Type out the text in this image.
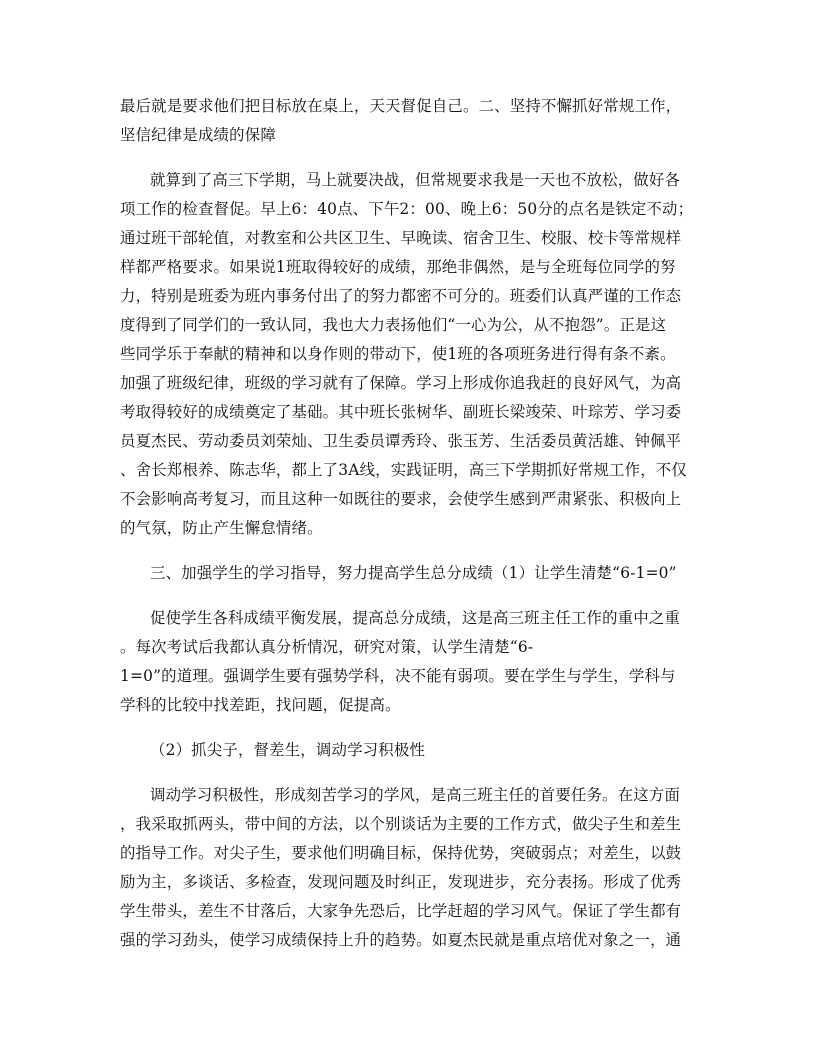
最后就是要求他们把目标放在桌上，天天督促自己。二、坚持不懈抓好常规工作，
坚信纪律是成绩的保障

就算到了高三下学期，马上就要决战，但常规要求我是一天也不放松，做好各
项工作的检查督促。早上6：40点、下午2：00、晚上6：50分的点名是铁定不动；
通过班干部轮值，对教室和公共区卫生、早晚读、宿舍卫生、校服、校卡等常规样
样都严格要求。如果说1班取得较好的成绩，那绝非偶然，是与全班每位同学的努
力，特别是班委为班内事务付出了的努力都密不可分的。班委们认真严谨的工作态
度得到了同学们的一致认同，我也大力表扬他们“一心为公，从不抱怨”。正是这
些同学乐于奉献的精神和以身作则的带动下，使1班的各项班务进行得有条不紊。
加强了班级纪律，班级的学习就有了保障。学习上形成你追我赶的良好风气，为高
考取得较好的成绩奠定了基础。其中班长张树华、副班长梁竣荣、叶琮芳、学习委
员夏杰民、劳动委员刘荣灿、卫生委员谭秀玲、张玉芳、生活委员黄活雄、钟佩平
、舍长郑根养、陈志华，都上了3A线，实践证明，高三下学期抓好常规工作，不仅
不会影响高考复习，而且这种一如既往的要求，会使学生感到严肃紧张、积极向上
的气氛，防止产生懈怠情绪。

三、加强学生的学习指导，努力提高学生总分成绩（1）让学生清楚“6-1=0”

促使学生各科成绩平衡发展，提高总分成绩，这是高三班主任工作的重中之重
。每次考试后我都认真分析情况，研究对策，认学生清楚“6-
1=0”的道理。强调学生要有强势学科，决不能有弱项。要在学生与学生，学科与
学科的比较中找差距，找问题，促提高。

（2）抓尖子，督差生，调动学习积极性

调动学习积极性，形成刻苦学习的学风，是高三班主任的首要任务。在这方面
，我采取抓两头，带中间的方法，以个别谈话为主要的工作方式，做尖子生和差生
的指导工作。对尖子生，要求他们明确目标，保持优势，突破弱点；对差生，以鼓
励为主，多谈话、多检查，发现问题及时纠正，发现进步，充分表扬。形成了优秀
学生带头，差生不甘落后，大家争先恐后，比学赶超的学习风气。保证了学生都有
强的学习劲头，使学习成绩保持上升的趋势。如夏杰民就是重点培优对象之一，通
